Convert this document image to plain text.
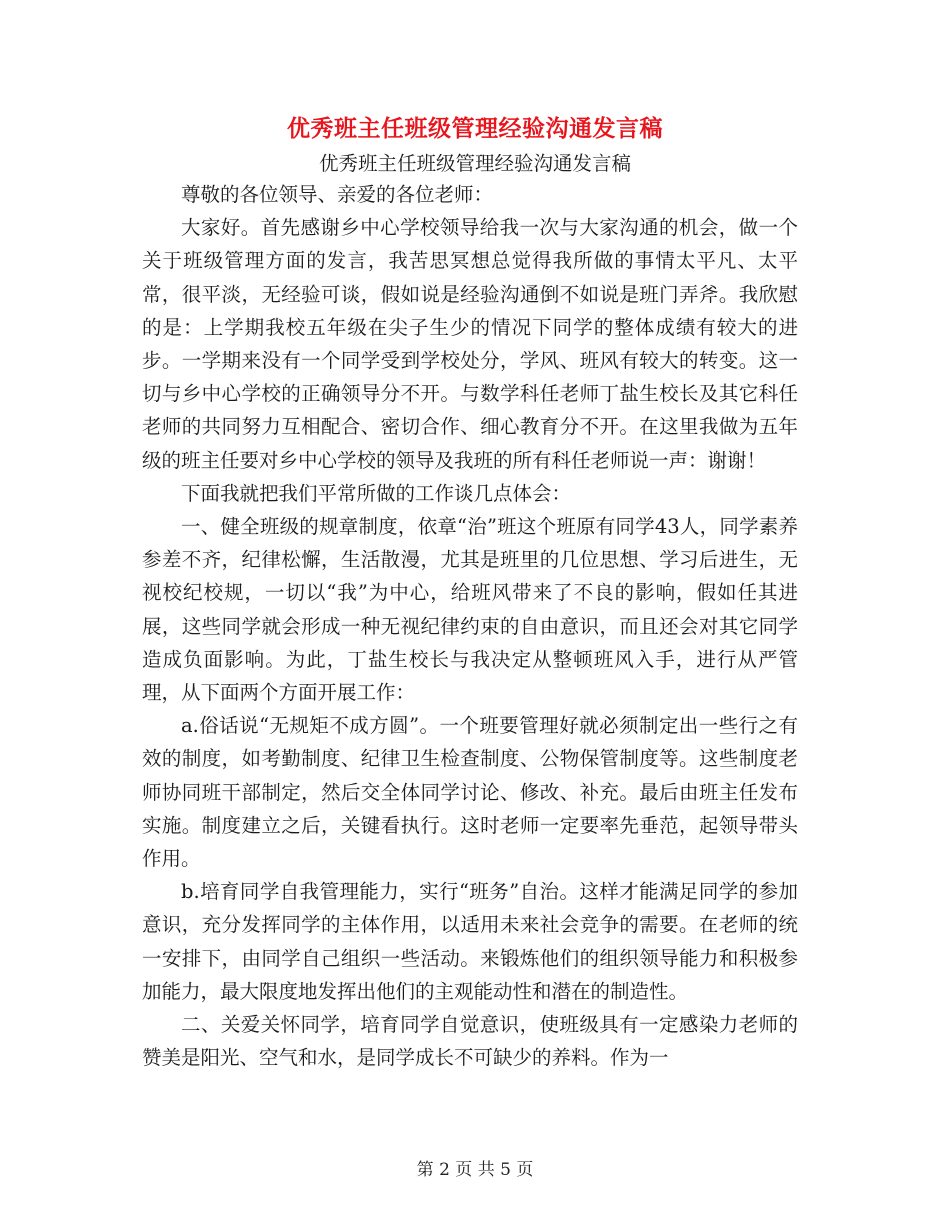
优秀班主任班级管理经验沟通发言稿
优秀班主任班级管理经验沟通发言稿

尊敬的各位领导、亲爱的各位老师：

大家好。首先感谢乡中心学校领导给我一次与大家沟通的机会，做一个关于班级管理方面的发言，我苦思冥想总觉得我所做的事情太平凡、太平常，很平淡，无经验可谈，假如说是经验沟通倒不如说是班门弄斧。我欣慰的是：上学期我校五年级在尖子生少的情况下同学的整体成绩有较大的进步。一学期来没有一个同学受到学校处分，学风、班风有较大的转变。这一切与乡中心学校的正确领导分不开。与数学科任老师丁盐生校长及其它科任老师的共同努力互相配合、密切合作、细心教育分不开。在这里我做为五年级的班主任要对乡中心学校的领导及我班的所有科任老师说一声：谢谢！

下面我就把我们平常所做的工作谈几点体会：

一、健全班级的规章制度，依章“治”班这个班原有同学43人，同学素养参差不齐，纪律松懈，生活散漫，尤其是班里的几位思想、学习后进生，无视校纪校规，一切以“我”为中心，给班风带来了不良的影响，假如任其进展，这些同学就会形成一种无视纪律约束的自由意识，而且还会对其它同学造成负面影响。为此，丁盐生校长与我决定从整顿班风入手，进行从严管理，从下面两个方面开展工作：

a.俗话说“无规矩不成方圆”。一个班要管理好就必须制定出一些行之有效的制度，如考勤制度、纪律卫生检查制度、公物保管制度等。这些制度老师协同班干部制定，然后交全体同学讨论、修改、补充。最后由班主任发布实施。制度建立之后，关键看执行。这时老师一定要率先垂范，起领导带头作用。

b.培育同学自我管理能力，实行“班务”自治。这样才能满足同学的参加意识，充分发挥同学的主体作用，以适用未来社会竞争的需要。在老师的统一安排下，由同学自己组织一些活动。来锻炼他们的组织领导能力和积极参加能力，最大限度地发挥出他们的主观能动性和潜在的制造性。

二、关爱关怀同学，培育同学自觉意识，使班级具有一定感染力老师的赞美是阳光、空气和水，是同学成长不可缺少的养料。作为一

第 2 页 共 5 页
